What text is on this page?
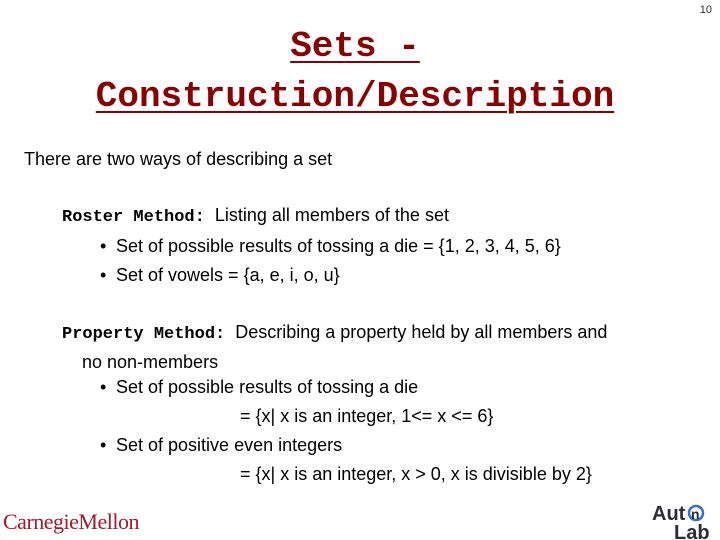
10
Sets -
Construction/Description
There are two ways of describing a set
Roster Method: Listing all members of the set
• Set of possible results of tossing a die = {1, 2, 3, 4, 5, 6}
• Set of vowels = {a, e, i, o, u}
Property Method: Describing a property held by all members and
no non-members
• Set of possible results of tossing a die
= {x| x is an integer, 1<= x <= 6}
• Set of positive even integers
= {x| x is an integer, x > 0, x is divisible by 2}
CarnegieMellon	Aut n
Lab
